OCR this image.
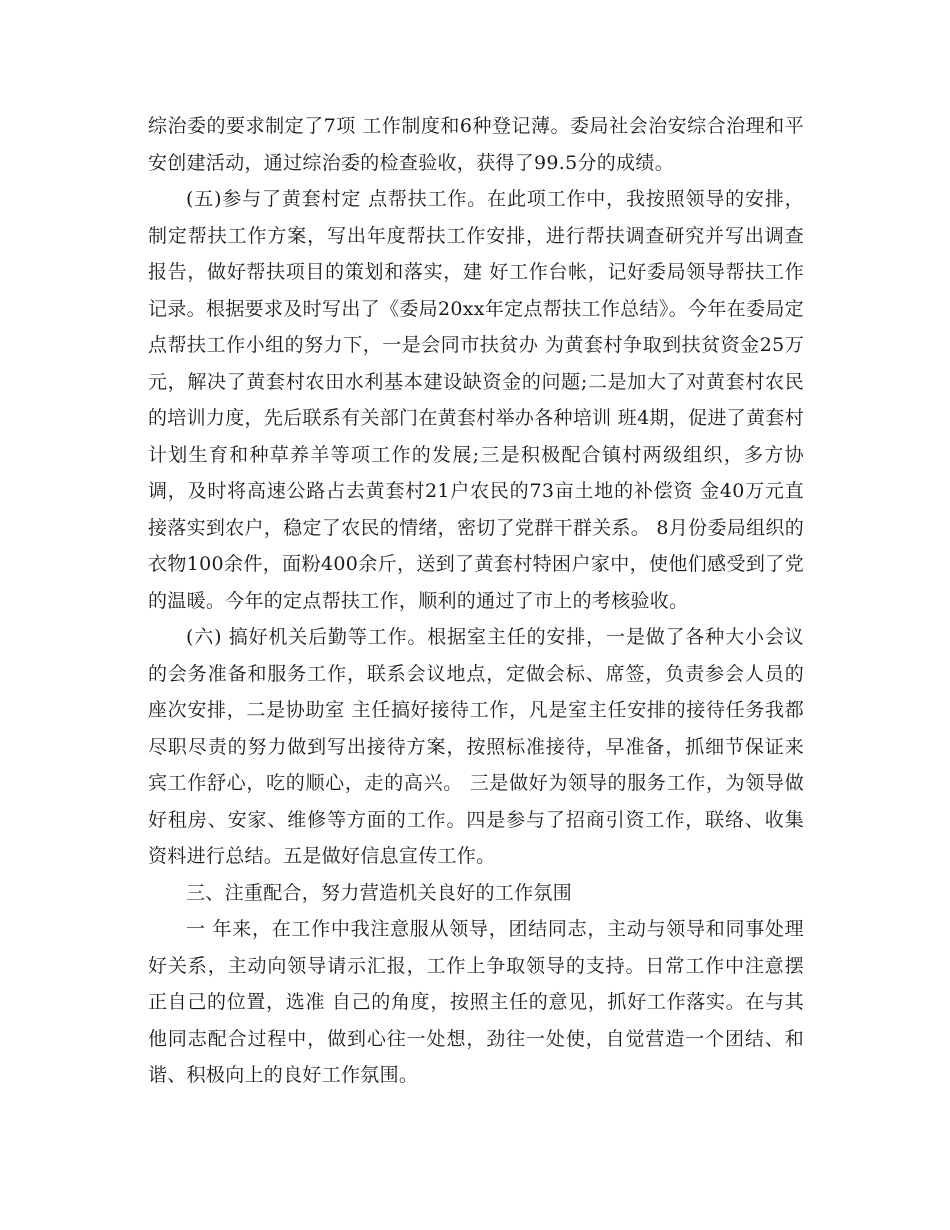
综治委的要求制定了7项 工作制度和6种登记薄。委局社会治安综合治理和平安创建活动，通过综治委的检查验收，获得了99.5分的成绩。

(五)参与了黄套村定 点帮扶工作。在此项工作中，我按照领导的安排，制定帮扶工作方案，写出年度帮扶工作安排，进行帮扶调查研究并写出调查报告，做好帮扶项目的策划和落实，建 好工作台帐，记好委局领导帮扶工作记录。根据要求及时写出了《委局20xx年定点帮扶工作总结》。今年在委局定点帮扶工作小组的努力下，一是会同市扶贫办 为黄套村争取到扶贫资金25万元，解决了黄套村农田水利基本建设缺资金的问题;二是加大了对黄套村农民的培训力度，先后联系有关部门在黄套村举办各种培训 班4期，促进了黄套村计划生育和种草养羊等项工作的发展;三是积极配合镇村两级组织，多方协调，及时将高速公路占去黄套村21户农民的73亩土地的补偿资 金40万元直接落实到农户，稳定了农民的情绪，密切了党群干群关系。 8月份委局组织的衣物100余件，面粉400余斤，送到了黄套村特困户家中，使他们感受到了党的温暖。今年的定点帮扶工作，顺利的通过了市上的考核验收。

(六) 搞好机关后勤等工作。根据室主任的安排，一是做了各种大小会议的会务准备和服务工作，联系会议地点，定做会标、席签，负责参会人员的座次安排，二是协助室 主任搞好接待工作，凡是室主任安排的接待任务我都尽职尽责的努力做到写出接待方案，按照标准接待，早准备，抓细节保证来宾工作舒心，吃的顺心，走的高兴。 三是做好为领导的服务工作，为领导做好租房、安家、维修等方面的工作。四是参与了招商引资工作，联络、收集资料进行总结。五是做好信息宣传工作。

三、注重配合，努力营造机关良好的工作氛围

一 年来，在工作中我注意服从领导，团结同志，主动与领导和同事处理好关系，主动向领导请示汇报，工作上争取领导的支持。日常工作中注意摆正自己的位置，选准 自己的角度，按照主任的意见，抓好工作落实。在与其他同志配合过程中，做到心往一处想，劲往一处使，自觉营造一个团结、和谐、积极向上的良好工作氛围。
